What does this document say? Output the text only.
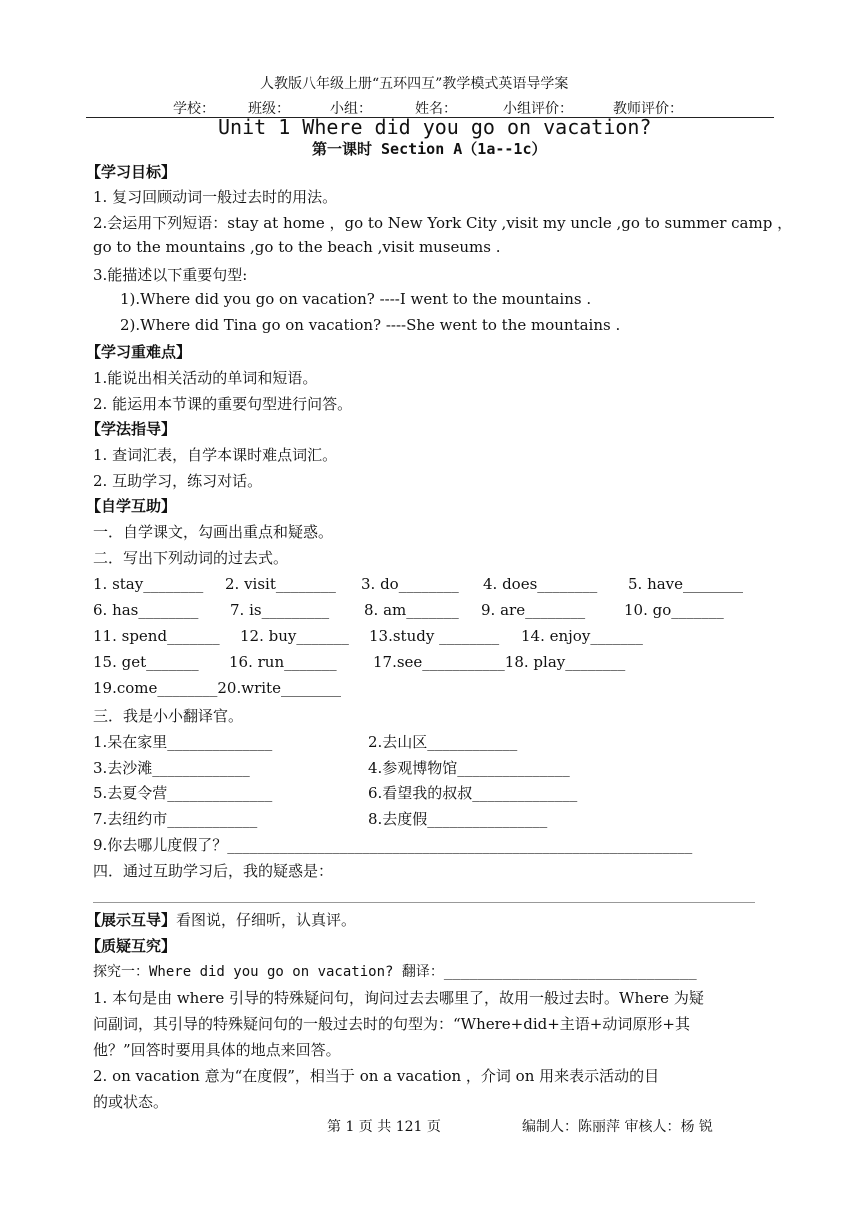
人教版八年级上册“五环四互”教学模式英语导学案
学校： 班级：	小组：	姓名：	小组评价：	教师评价：
Unit 1 Where did you go on vacation?
第一课时 Section A（1a--1c）
【学习目标】
1. 复习回顾动词一般过去时的用法。
2.会运用下列短语：stay at home ，go to New York City ,visit my uncle ,go to summer camp ，
go to the mountains ,go to the beach ,visit museums .
3.能描述以下重要句型:
1).Where did you go on vacation? ----I went to the mountains .
2).Where did Tina go on vacation? ----She went to the mountains .
【学习重难点】
1.能说出相关活动的单词和短语。
2. 能运用本节课的重要句型进行问答。
【学法指导】
1. 查词汇表，自学本课时难点词汇。
2. 互助学习，练习对话。
【自学互助】
一．自学课文，勾画出重点和疑惑。
二．写出下列动词的过去式。
1. stay________ 2. visit________ 3. do________ 4. does________ 5. have________
6. has________ 7. is_________ 8. am_______ 9. are________	10. go_______
11. spend_______ 12. buy_______ 13.study ________ 14. enjoy_______
15. get_______ 16. run_______ 17.see___________18. play________
19.come________20.write________
三．我是小小翻译官。
1.呆在家里______________	2.去山区____________
3.去沙滩_____________	4.参观博物馆_______________
5.去夏令营______________	6.看望我的叔叔______________
7.去纽约市____________	8.去度假________________
9.你去哪儿度假了？______________________________________________________________
四．通过互助学习后，我的疑惑是：
【展示互导】看图说，仔细听，认真评。
【质疑互究】
探究一：Where did you go on vacation? 翻译：______________________________
1. 本句是由 where 引导的特殊疑问句，询问过去去哪里了，故用一般过去时。Where 为疑
问副词，其引导的特殊疑问句的一般过去时的句型为：“Where+did+主语+动词原形+其
他？”回答时要用具体的地点来回答。
2. on vacation 意为“在度假”，相当于 on a vacation ，介词 on 用来表示活动的目
的或状态。
第 1 页 共 121 页	编制人：陈丽萍 审核人：杨 锐
